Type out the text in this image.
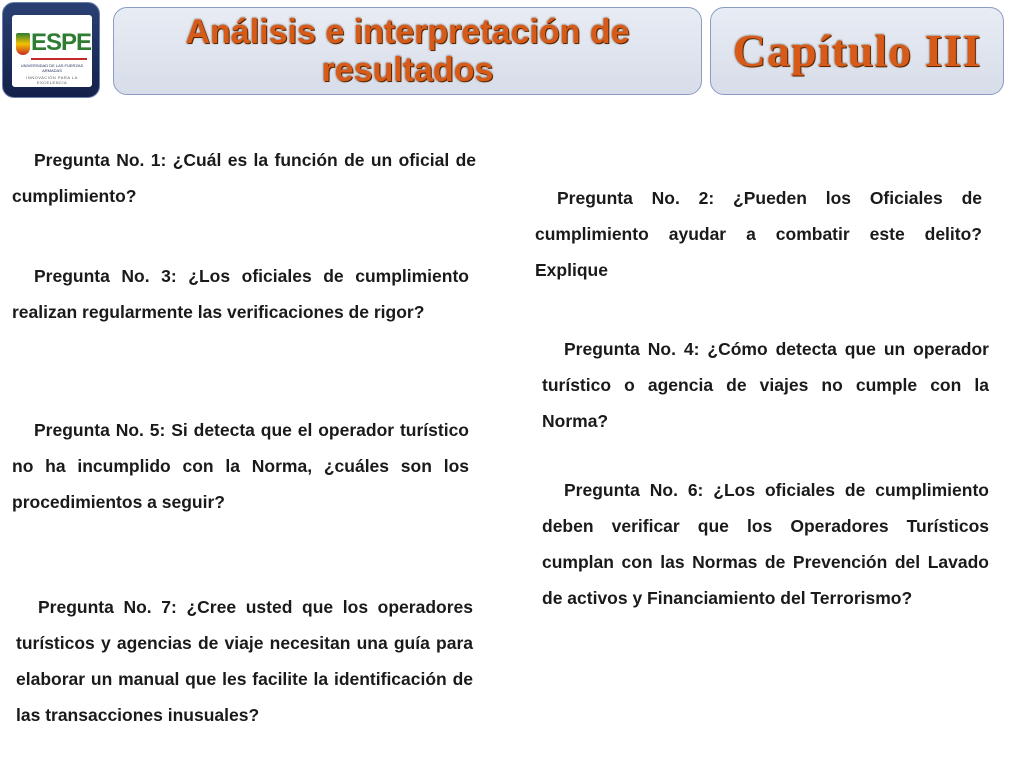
ESPE
UNIVERSIDAD DE LAS FUERZAS ARMADAS
INNOVACIÓN PARA LA EXCELENCIA
Análisis e interpretación de resultados	Capítulo III

Pregunta No. 1: ¿Cuál es la función de un oficial de cumplimiento?	Pregunta No. 2: ¿Pueden los Oficiales de cumplimiento ayudar a combatir este delito? Explique

Pregunta No. 3: ¿Los oficiales de cumplimiento realizan regularmente las verificaciones de rigor?

Pregunta No. 4: ¿Cómo detecta que un operador turístico o agencia de viajes no cumple con la Norma?

Pregunta No. 5: Si detecta que el operador turístico no ha incumplido con la Norma, ¿cuáles son los procedimientos a seguir?

Pregunta No. 6: ¿Los oficiales de cumplimiento deben verificar que los Operadores Turísticos cumplan con las Normas de Prevención del Lavado de activos y Financiamiento del Terrorismo?

Pregunta No. 7: ¿Cree usted que los operadores turísticos y agencias de viaje necesitan una guía para elaborar un manual que les facilite la identificación de las transacciones inusuales?
